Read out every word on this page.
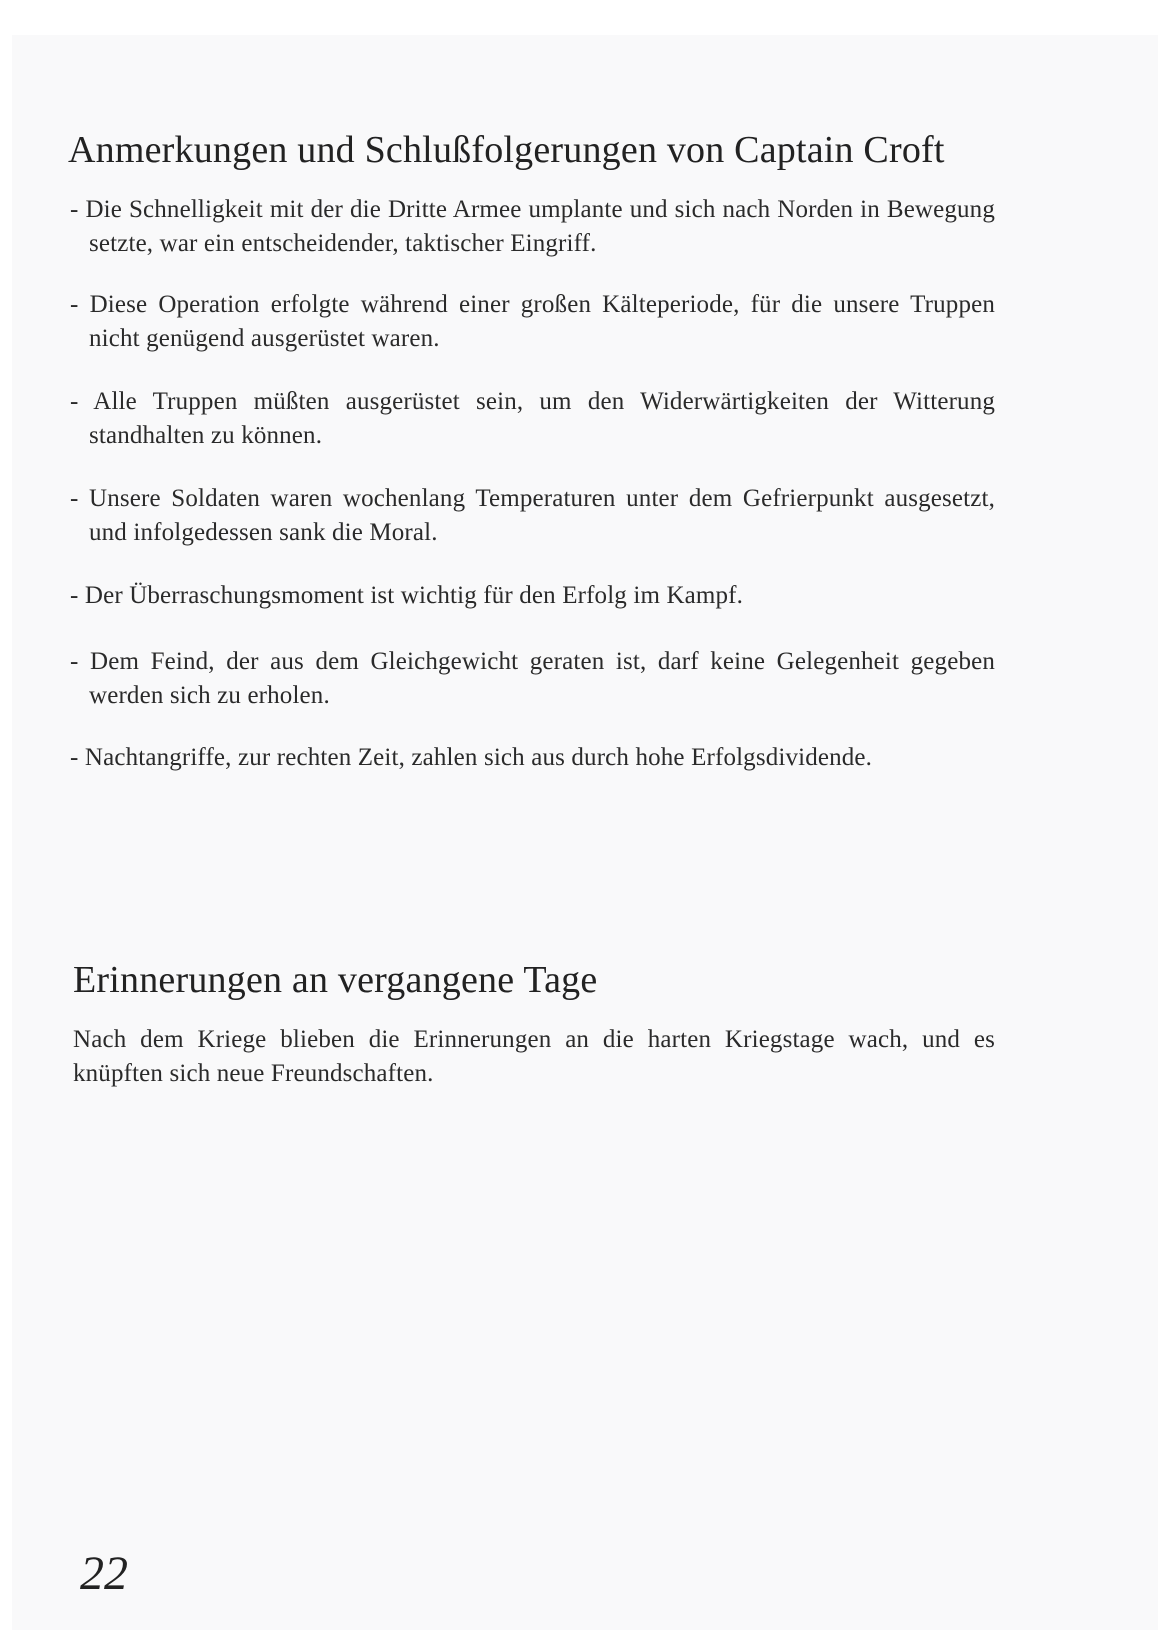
Anmerkungen und Schlußfolgerungen von Captain Croft
- Die Schnelligkeit mit der die Dritte Armee umplante und sich nach Norden in Bewegung setzte, war ein entscheidender, taktischer Eingriff.
- Diese Operation erfolgte während einer großen Kälteperiode, für die unsere Truppen nicht genügend ausgerüstet waren.
- Alle Truppen müßten ausgerüstet sein, um den Widerwärtigkeiten der Witterung standhalten zu können.
- Unsere Soldaten waren wochenlang Temperaturen unter dem Gefrierpunkt ausgesetzt, und infolgedessen sank die Moral.
- Der Überraschungsmoment ist wichtig für den Erfolg im Kampf.
- Dem Feind, der aus dem Gleichgewicht geraten ist, darf keine Gelegenheit gegeben werden sich zu erholen.
- Nachtangriffe, zur rechten Zeit, zahlen sich aus durch hohe Erfolgsdividende.
Erinnerungen an vergangene Tage

Nach dem Kriege blieben die Erinnerungen an die harten Kriegstage wach, und es knüpften sich neue Freundschaften.

22
